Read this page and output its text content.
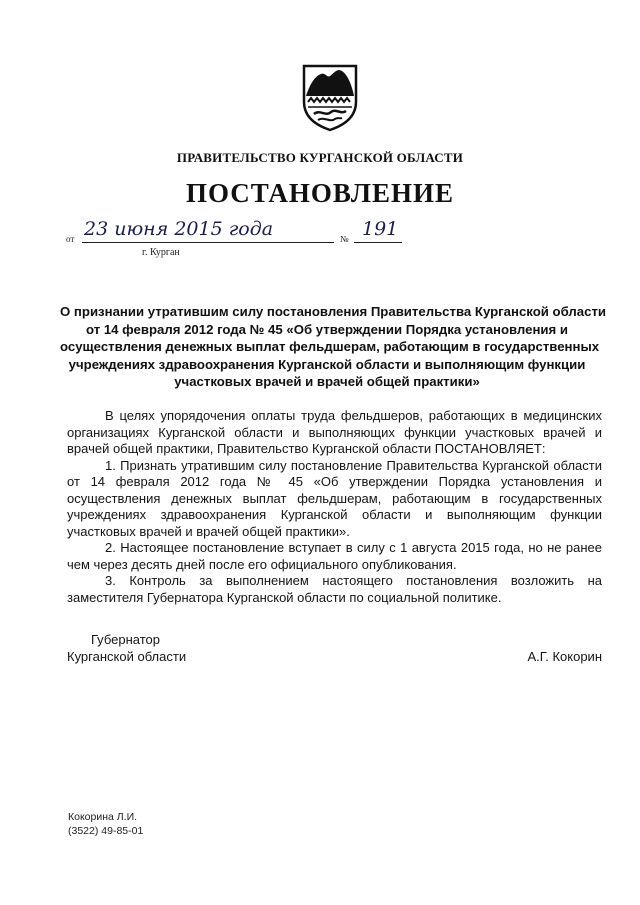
ПРАВИТЕЛЬСТВО КУРГАНСКОЙ ОБЛАСТИ
ПОСТАНОВЛЕНИЕ
от 23 июня 2015 года	№ 191
г. Курган
О признании утратившим силу постановления Правительства Курганской области
от 14 февраля 2012 года № 45 «Об утверждении Порядка установления и
осуществления денежных выплат фельдшерам, работающим в государственных
учреждениях здравоохранения Курганской области и выполняющим функции
участковых врачей и врачей общей практики»

В целях упорядочения оплаты труда фельдшеров, работающих в медицинских организациях Курганской области и выполняющих функции участковых врачей и врачей общей практики, Правительство Курганской области ПОСТАНОВЛЯЕТ:

1. Признать утратившим силу постановление Правительства Курганской области от 14 февраля 2012 года № 45 «Об утверждении Порядка установления и осуществления денежных выплат фельдшерам, работающим в государственных учреждениях здравоохранения Курганской области и выполняющим функции участковых врачей и врачей общей практики».

2. Настоящее постановление вступает в силу с 1 августа 2015 года, но не ранее чем через десять дней после его официального опубликования.

3. Контроль за выполнением настоящего постановления возложить на заместителя Губернатора Курганской области по социальной политике.

Губернатор
Курганской области	А.Г. Кокорин
Кокорина Л.И.
(3522) 49-85-01
